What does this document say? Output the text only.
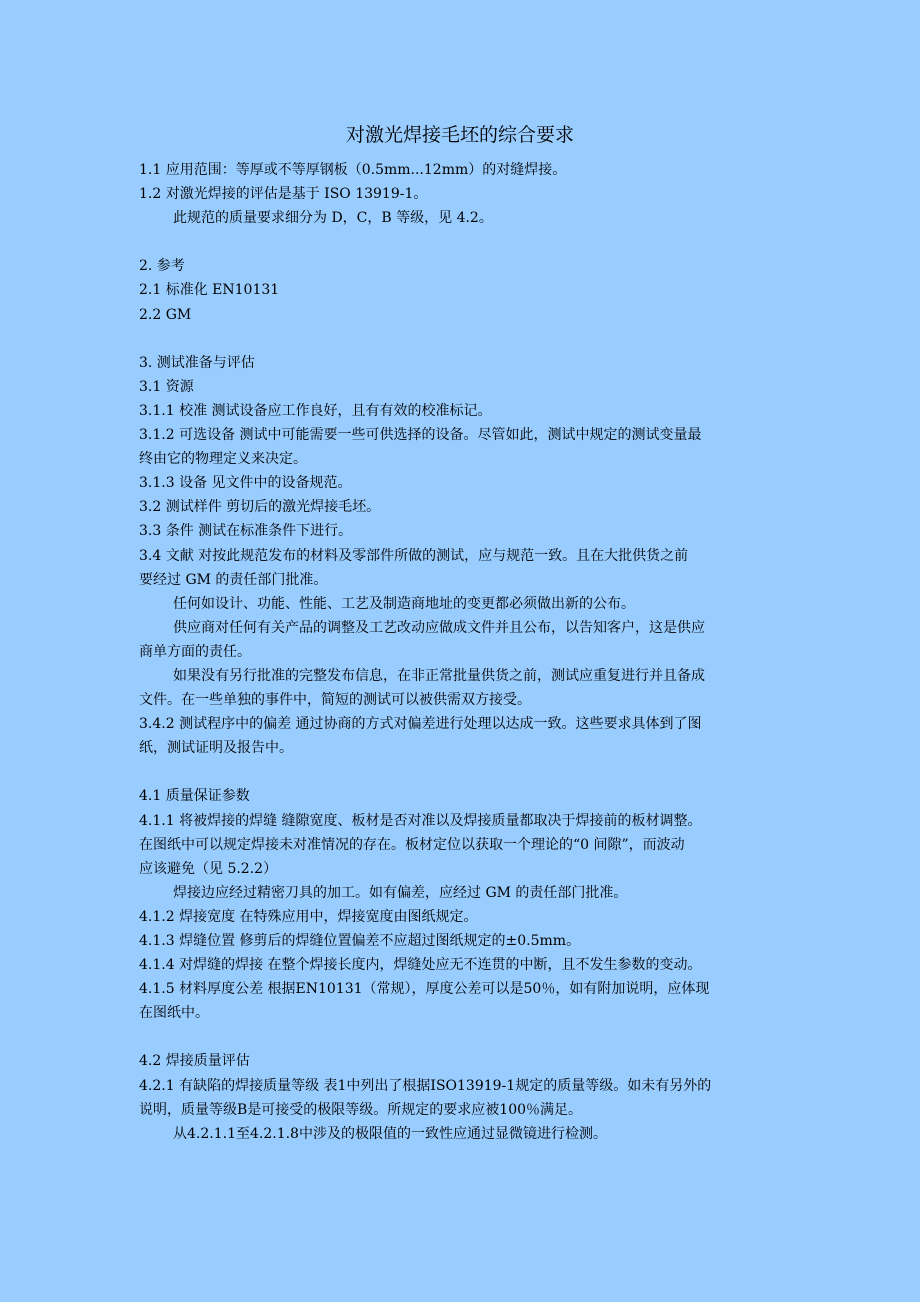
对激光焊接毛坯的综合要求
1.1 应用范围：等厚或不等厚钢板（0.5mm...12mm）的对缝焊接。
1.2 对激光焊接的评估是基于 ISO 13919-1。
此规范的质量要求细分为 D，C，B 等级，见 4.2。
2. 参考
2.1 标准化 EN10131
2.2 GM
3. 测试准备与评估
3.1 资源
3.1.1 校准 测试设备应工作良好，且有有效的校准标记。
3.1.2 可选设备 测试中可能需要一些可供选择的设备。尽管如此，测试中规定的测试变量最
终由它的物理定义来决定。
3.1.3 设备 见文件中的设备规范。
3.2 测试样件 剪切后的激光焊接毛坯。
3.3 条件 测试在标准条件下进行。
3.4 文献 对按此规范发布的材料及零部件所做的测试，应与规范一致。且在大批供货之前
要经过 GM 的责任部门批准。
任何如设计、功能、性能、工艺及制造商地址的变更都必须做出新的公布。
供应商对任何有关产品的调整及工艺改动应做成文件并且公布，以告知客户，这是供应
商单方面的责任。
如果没有另行批准的完整发布信息，在非正常批量供货之前，测试应重复进行并且备成
文件。在一些单独的事件中，简短的测试可以被供需双方接受。
3.4.2 测试程序中的偏差 通过协商的方式对偏差进行处理以达成一致。这些要求具体到了图
纸，测试证明及报告中。
4.1 质量保证参数
4.1.1 将被焊接的焊缝 缝隙宽度、板材是否对准以及焊接质量都取决于焊接前的板材调整。
在图纸中可以规定焊接未对准情况的存在。板材定位以获取一个理论的“0 间隙”，而波动
应该避免（见 5.2.2）
焊接边应经过精密刀具的加工。如有偏差，应经过 GM 的责任部门批准。
4.1.2 焊接宽度 在特殊应用中，焊接宽度由图纸规定。
4.1.3 焊缝位置 修剪后的焊缝位置偏差不应超过图纸规定的±0.5mm。
4.1.4 对焊缝的焊接 在整个焊接长度内，焊缝处应无不连贯的中断，且不发生参数的变动。
4.1.5 材料厚度公差 根据EN10131（常规），厚度公差可以是50％，如有附加说明，应体现
在图纸中。
4.2 焊接质量评估
4.2.1 有缺陷的焊接质量等级 表1中列出了根据ISO13919-1规定的质量等级。如未有另外的
说明，质量等级B是可接受的极限等级。所规定的要求应被100％满足。
从4.2.1.1至4.2.1.8中涉及的极限值的一致性应通过显微镜进行检测。
